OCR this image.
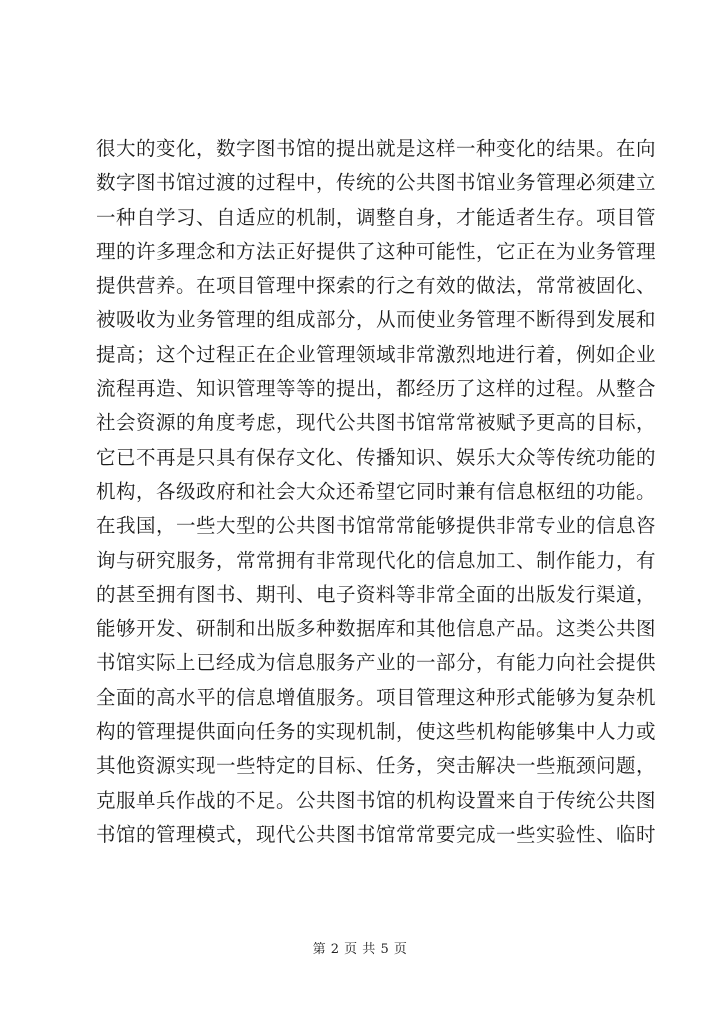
很大的变化，数字图书馆的提出就是这样一种变化的结果。在向
数字图书馆过渡的过程中，传统的公共图书馆业务管理必须建立
一种自学习、自适应的机制，调整自身，才能适者生存。项目管
理的许多理念和方法正好提供了这种可能性，它正在为业务管理
提供营养。在项目管理中探索的行之有效的做法，常常被固化、
被吸收为业务管理的组成部分，从而使业务管理不断得到发展和
提高；这个过程正在企业管理领域非常激烈地进行着，例如企业
流程再造、知识管理等等的提出，都经历了这样的过程。从整合
社会资源的角度考虑，现代公共图书馆常常被赋予更高的目标，
它已不再是只具有保存文化、传播知识、娱乐大众等传统功能的
机构，各级政府和社会大众还希望它同时兼有信息枢纽的功能。
在我国，一些大型的公共图书馆常常能够提供非常专业的信息咨
询与研究服务，常常拥有非常现代化的信息加工、制作能力，有
的甚至拥有图书、期刊、电子资料等非常全面的出版发行渠道，
能够开发、研制和出版多种数据库和其他信息产品。这类公共图
书馆实际上已经成为信息服务产业的一部分，有能力向社会提供
全面的高水平的信息增值服务。项目管理这种形式能够为复杂机
构的管理提供面向任务的实现机制，使这些机构能够集中人力或
其他资源实现一些特定的目标、任务，突击解决一些瓶颈问题，
克服单兵作战的不足。公共图书馆的机构设置来自于传统公共图
书馆的管理模式，现代公共图书馆常常要完成一些实验性、临时
第 2 页 共 5 页
